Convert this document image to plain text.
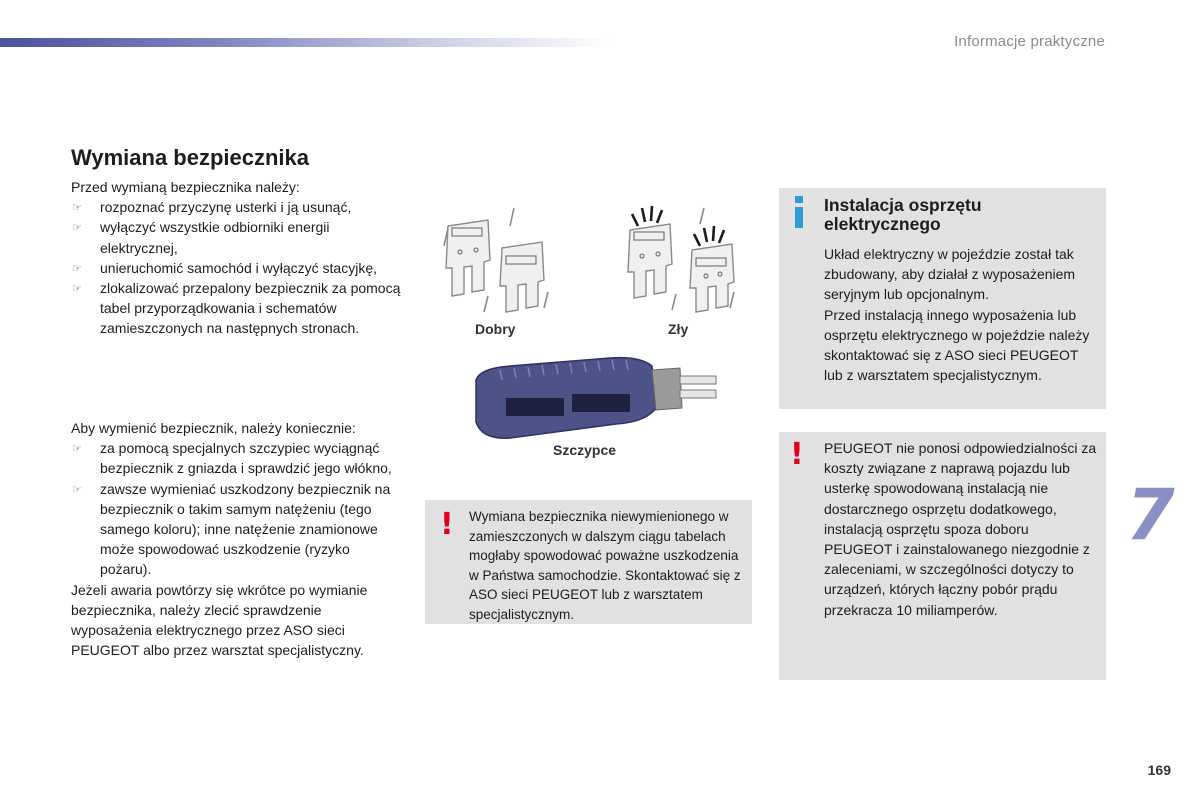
Informacje praktyczne
Wymiana bezpiecznika

Przed wymianą bezpiecznika należy:

☞ rozpoznać przyczynę usterki i ją usunąć,
☞ wyłączyć wszystkie odbiorniki energii elektrycznej,
☞ unieruchomić samochód i wyłączyć stacyjkę,
☞ zlokalizować przepalony bezpiecznik za pomocą tabel przyporządkowania i schematów zamieszczonych na następnych stronach.

Aby wymienić bezpiecznik, należy koniecznie:

☞ za pomocą specjalnych szczypiec wyciągnąć bezpiecznik z gniazda i sprawdzić jego włókno,
☞ zawsze wymieniać uszkodzony bezpiecznik na bezpiecznik o takim samym natężeniu (tego samego koloru); inne natężenie znamionowe może spowodować uszkodzenie (ryzyko pożaru).

Jeżeli awaria powtórzy się wkrótce po wymianie bezpiecznika, należy zlecić sprawdzenie wyposażenia elektrycznego przez ASO sieci PEUGEOT albo przez warsztat specjalistyczny.

Dobry	Zły
Szczypce
! Wymiana bezpiecznika niewymienionego w zamieszczonych w dalszym ciągu tabelach mogłaby spowodować poważne uszkodzenia w Państwa samochodzie. Skontaktować się z ASO sieci PEUGEOT lub z warsztatem specjalistycznym.

Instalacja osprzętu elektrycznego

Układ elektryczny w pojeździe został tak zbudowany, aby działał z wyposażeniem seryjnym lub opcjonalnym.

Przed instalacją innego wyposażenia lub osprzętu elektrycznego w pojeździe należy skontaktować się z ASO sieci PEUGEOT lub z warsztatem specjalistycznym.

! PEUGEOT nie ponosi odpowiedzialności za koszty związane z naprawą pojazdu lub usterkę spowodowaną instalacją nie dostarcznego osprzętu dodatkowego, instalacją osprzętu spoza doboru PEUGEOT i zainstalowanego niezgodnie z zaleceniami, w szczególności dotyczy to urządzeń, których łączny pobór prądu przekracza 10 miliamperów.

7
169
